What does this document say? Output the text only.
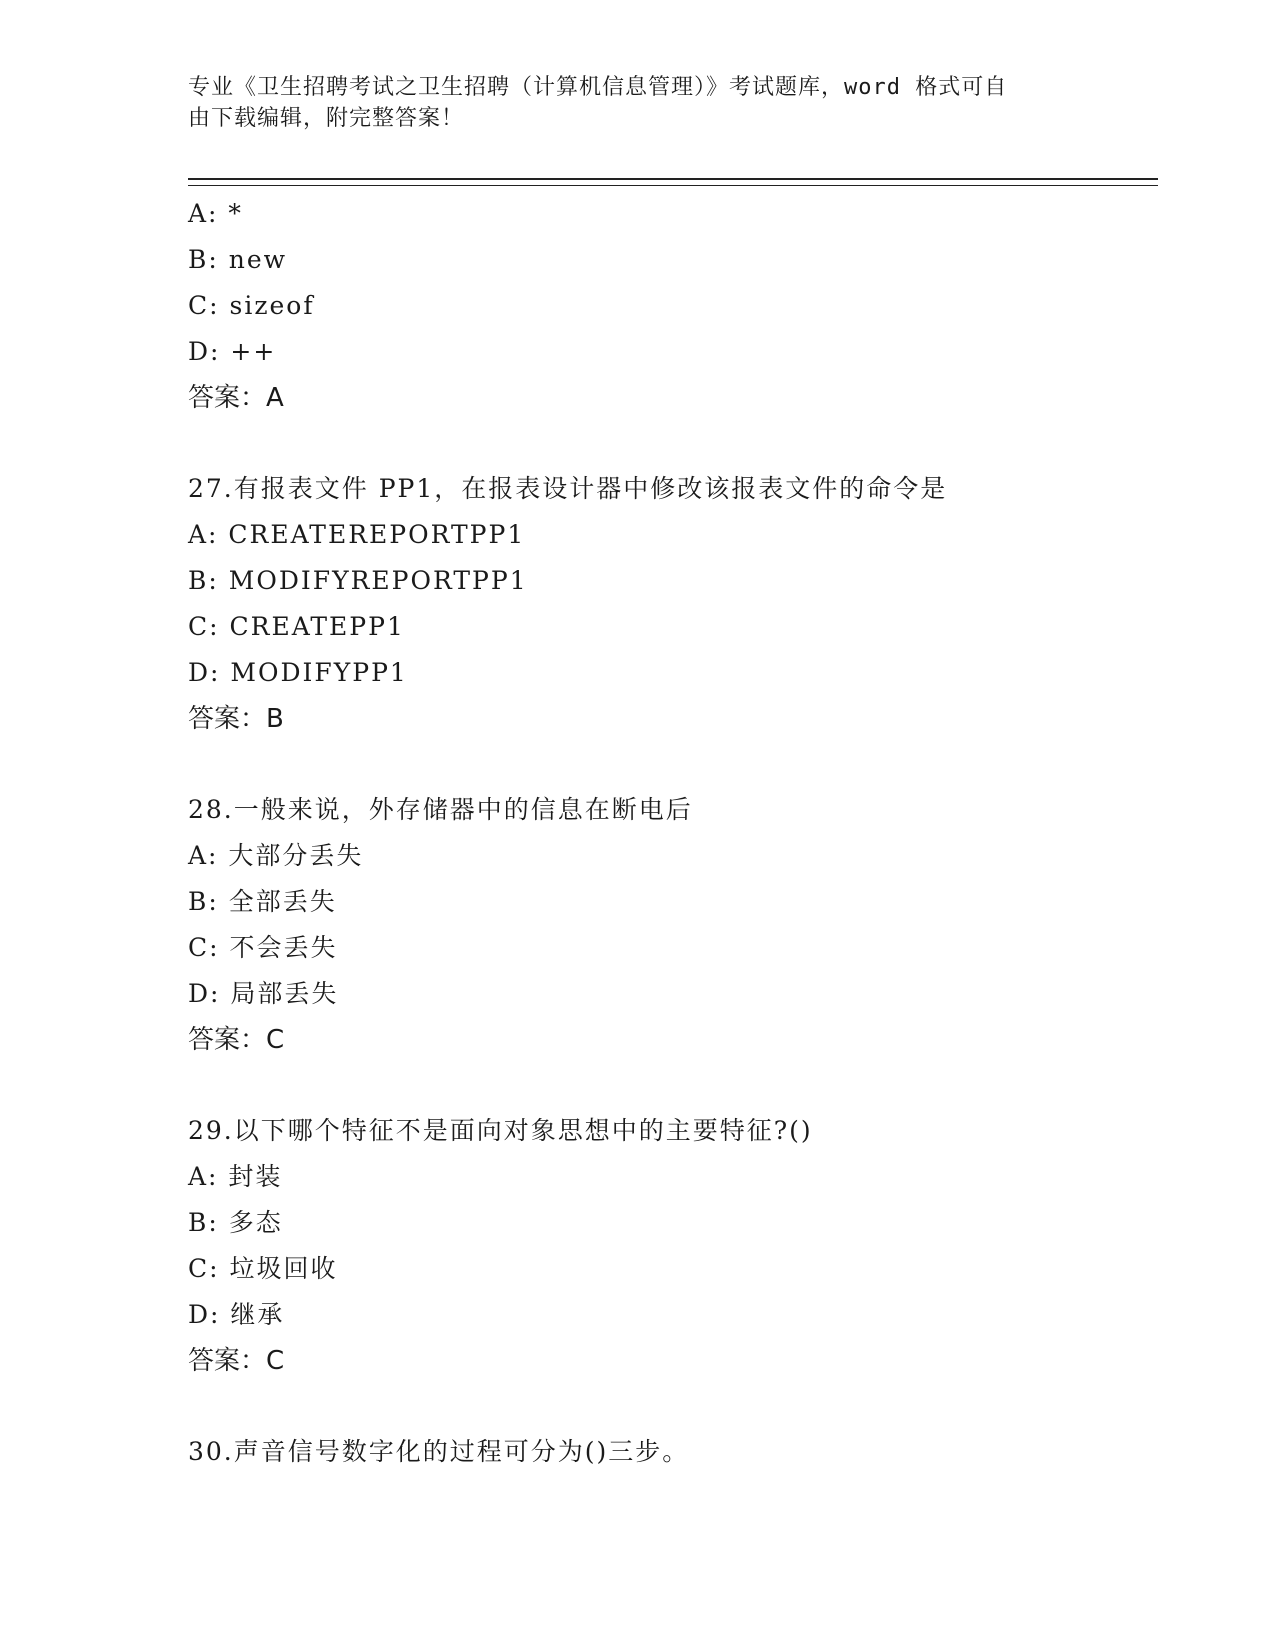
专业《卫生招聘考试之卫生招聘（计算机信息管理）》考试题库，word 格式可自
由下载编辑，附完整答案！
A: *
B: new
C: sizeof
D: ++
答案：A
27.有报表文件 PP1，在报表设计器中修改该报表文件的命令是
A: CREATEREPORTPP1
B: MODIFYREPORTPP1
C: CREATEPP1
D: MODIFYPP1
答案：B
28.一般来说，外存储器中的信息在断电后
A: 大部分丢失
B: 全部丢失
C: 不会丢失
D: 局部丢失
答案：C
29.以下哪个特征不是面向对象思想中的主要特征?()
A: 封装
B: 多态
C: 垃圾回收
D: 继承
答案：C
30.声音信号数字化的过程可分为()三步。
